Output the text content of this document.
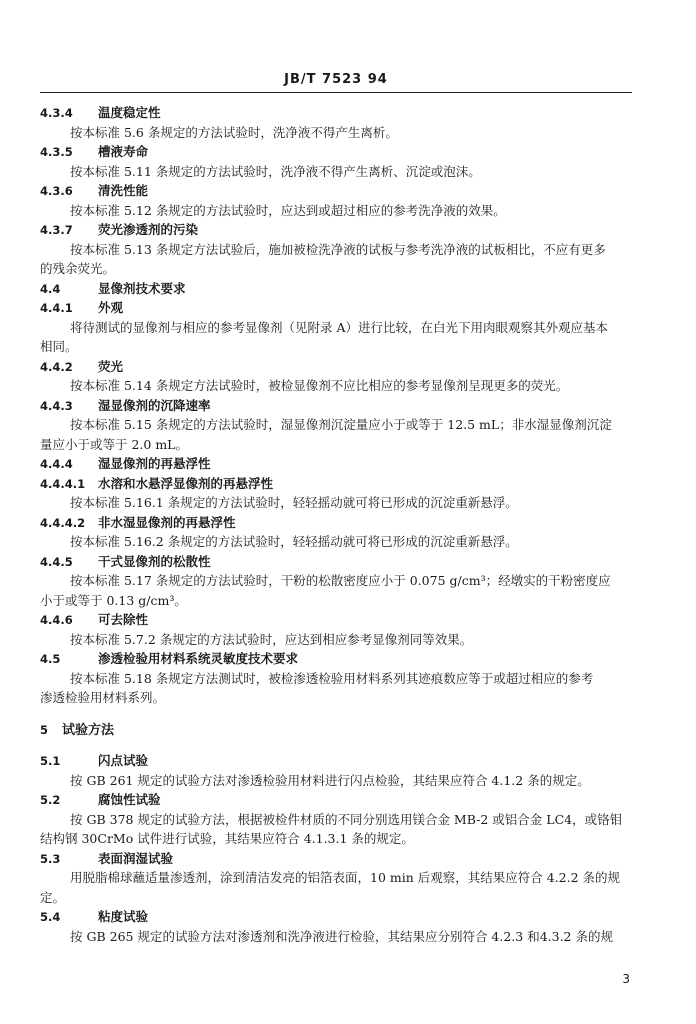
JB/T 7523 94
4.3.4 温度稳定性
按本标准 5.6 条规定的方法试验时，洗净液不得产生离析。
4.3.5 槽液寿命
按本标准 5.11 条规定的方法试验时，洗净液不得产生离析、沉淀或泡沫。
4.3.6 清洗性能
按本标准 5.12 条规定的方法试验时，应达到或超过相应的参考洗净液的效果。
4.3.7 荧光渗透剂的污染
按本标准 5.13 条规定方法试验后，施加被检洗净液的试板与参考洗净液的试板相比，不应有更多
的残余荧光。
4.4	显像剂技术要求
4.4.1 外观
将待测试的显像剂与相应的参考显像剂（见附录 A）进行比较，在白光下用肉眼观察其外观应基本
相同。
4.4.2 荧光
按本标准 5.14 条规定方法试验时，被检显像剂不应比相应的参考显像剂呈现更多的荧光。
4.4.3 湿显像剂的沉降速率
按本标准 5.15 条规定的方法试验时，湿显像剂沉淀量应小于或等于 12.5 mL；非水湿显像剂沉淀
量应小于或等于 2.0 mL。
4.4.4 湿显像剂的再悬浮性
4.4.4.1 水溶和水悬浮显像剂的再悬浮性
按本标准 5.16.1 条规定的方法试验时，轻轻摇动就可将已形成的沉淀重新悬浮。
4.4.4.2 非水湿显像剂的再悬浮性
按本标准 5.16.2 条规定的方法试验时，轻轻摇动就可将已形成的沉淀重新悬浮。
4.4.5 干式显像剂的松散性
按本标准 5.17 条规定的方法试验时，干粉的松散密度应小于 0.075 g/cm³；经墩实的干粉密度应
小于或等于 0.13 g/cm³。
4.4.6 可去除性
按本标准 5.7.2 条规定的方法试验时，应达到相应参考显像剂同等效果。
4.5	渗透检验用材料系统灵敏度技术要求
按本标准 5.18 条规定方法测试时，被检渗透检验用材料系列其迹痕数应等于或超过相应的参考
渗透检验用材料系列。
5 试验方法
5.1	闪点试验
按 GB 261 规定的试验方法对渗透检验用材料进行闪点检验，其结果应符合 4.1.2 条的规定。
5.2	腐蚀性试验
按 GB 378 规定的试验方法，根据被检件材质的不同分别选用镁合金 MB-2 或铝合金 LC4，或铬钼
结构钢 30CrMo 试件进行试验，其结果应符合 4.1.3.1 条的规定。
5.3	表面润湿试验
用脱脂棉球蘸适量渗透剂，涂到清洁发亮的铝箔表面，10 min 后观察，其结果应符合 4.2.2 条的规
定。
5.4	粘度试验
按 GB 265 规定的试验方法对渗透剂和洗净液进行检验，其结果应分别符合 4.2.3 和4.3.2 条的规
3
